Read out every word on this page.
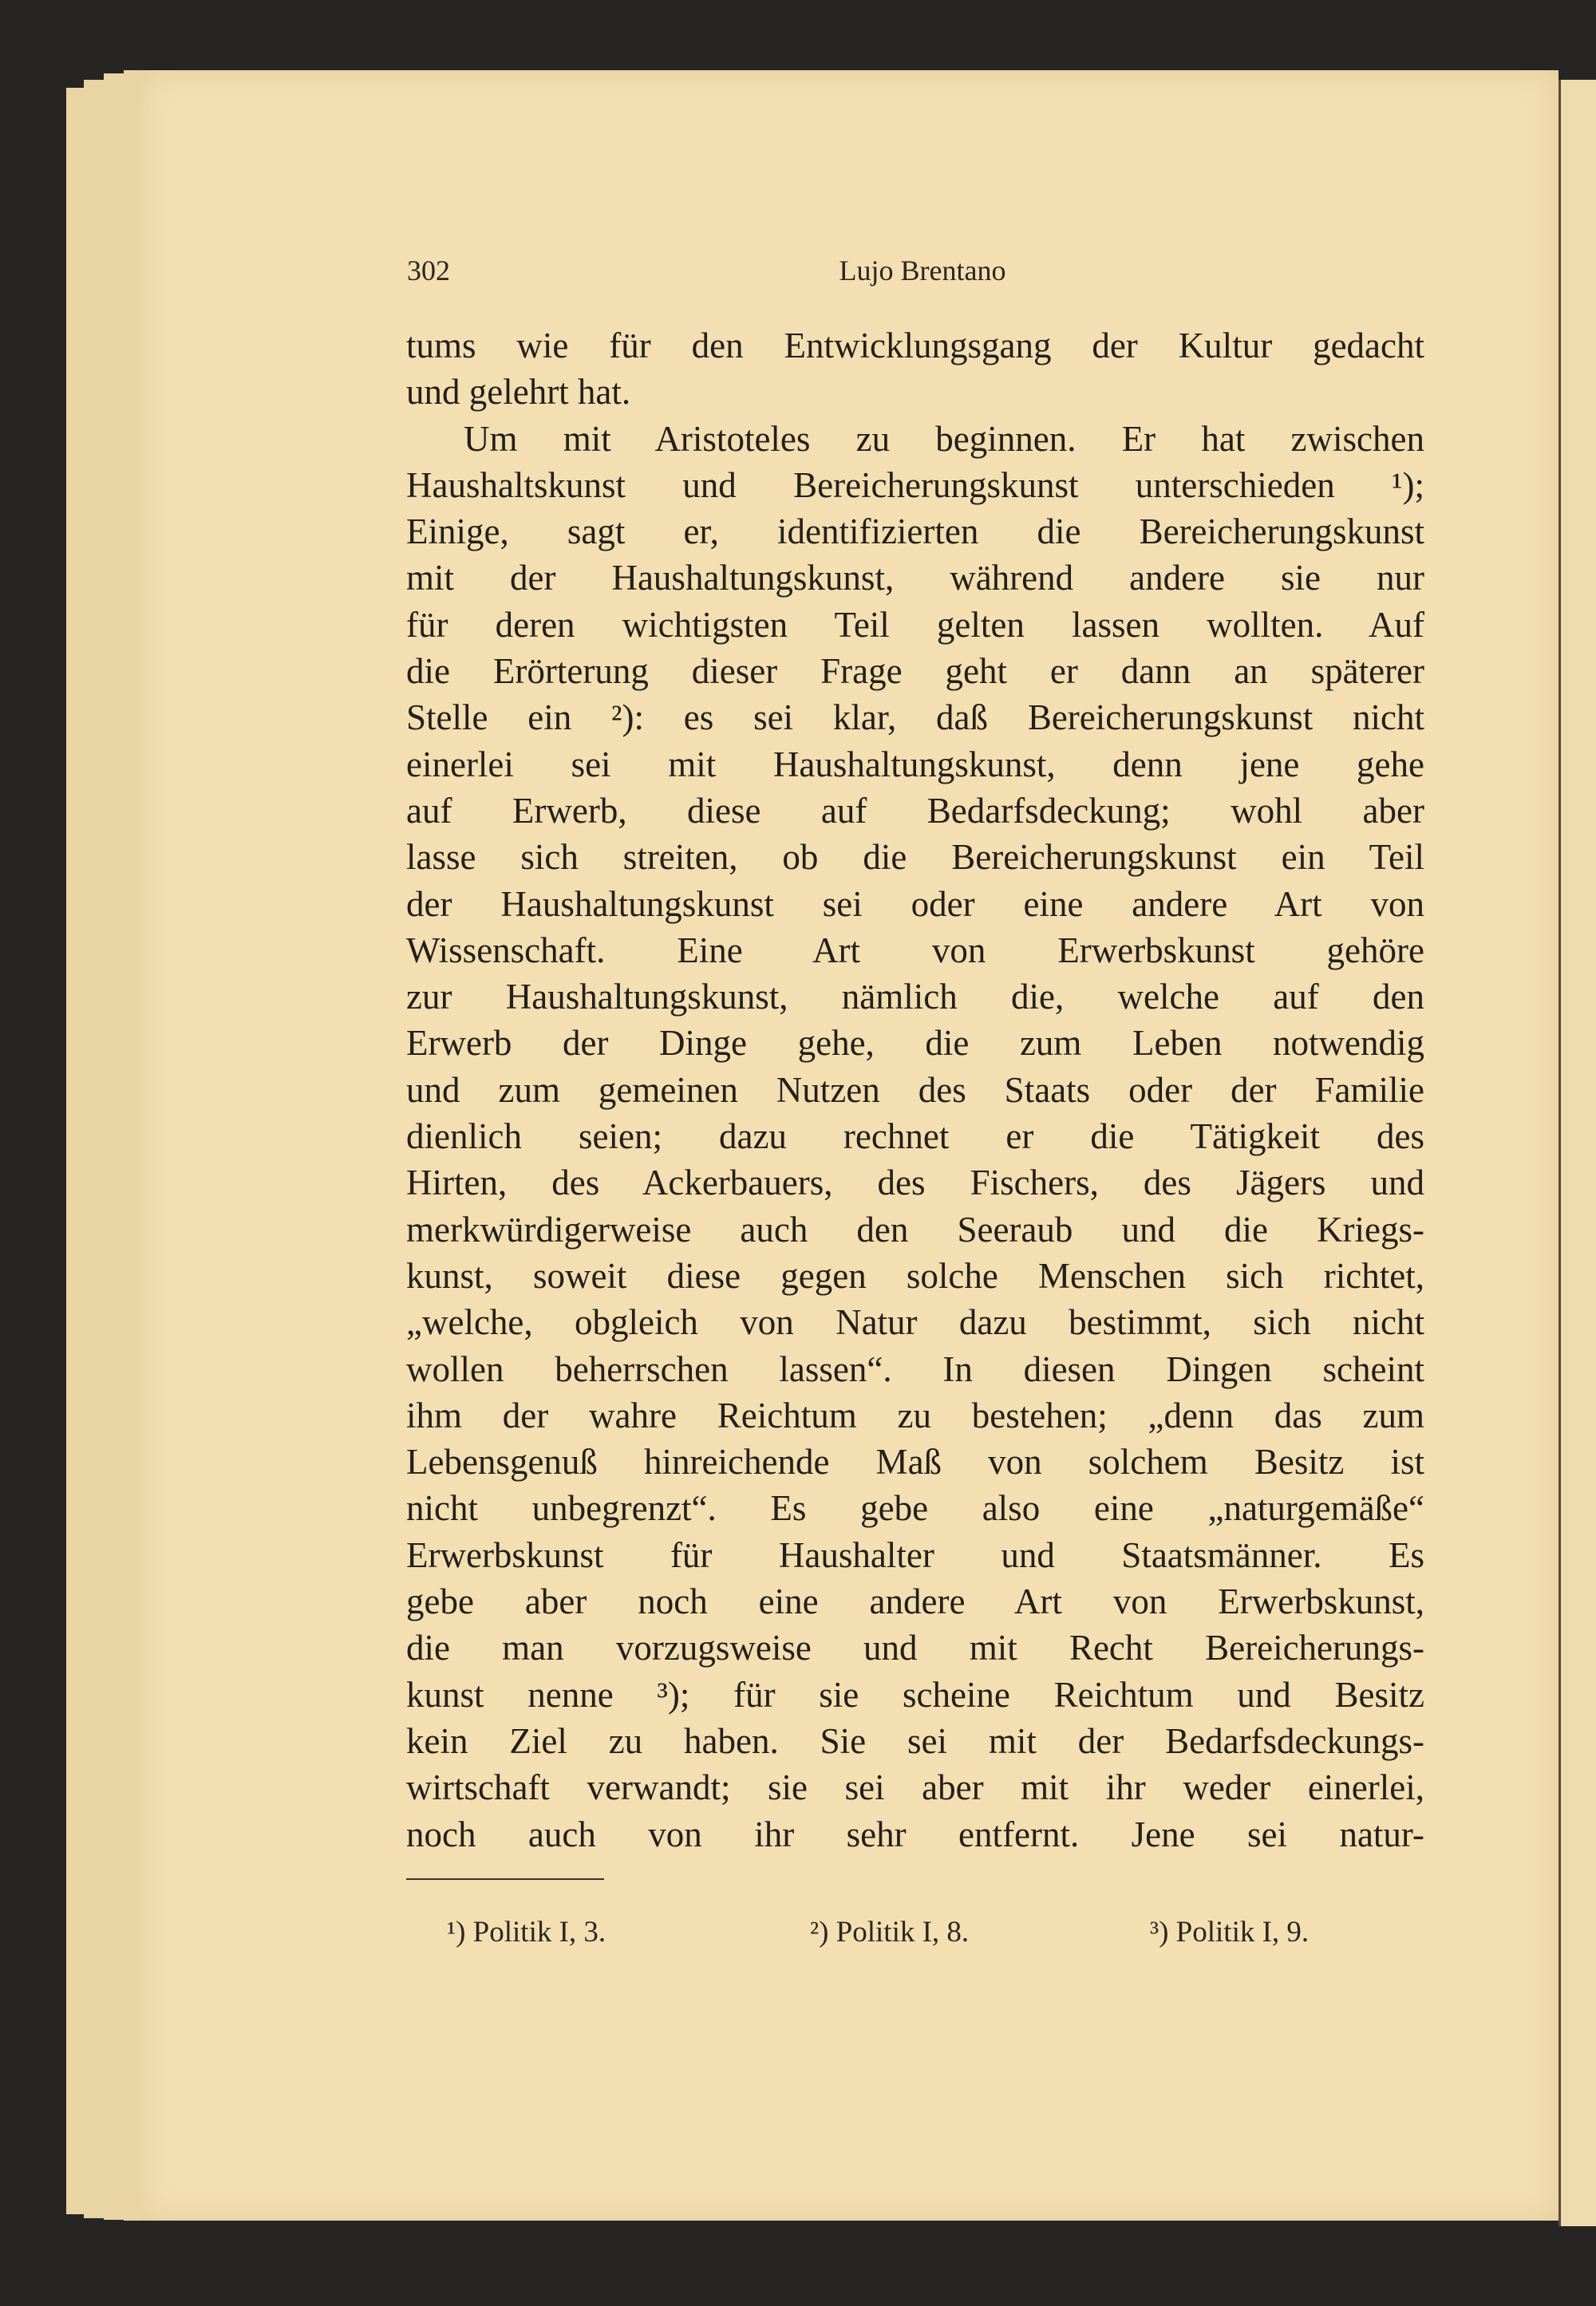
302	Lujo Brentano
tums wie für den Entwicklungsgang der Kultur gedacht
und gelehrt hat.
Um mit Aristoteles zu beginnen. Er hat zwischen
Haushaltskunst und Bereicherungskunst unterschieden ¹);
Einige, sagt er, identifizierten die Bereicherungskunst
mit der Haushaltungskunst, während andere sie nur
für deren wichtigsten Teil gelten lassen wollten. Auf
die Erörterung dieser Frage geht er dann an späterer
Stelle ein ²): es sei klar, daß Bereicherungskunst nicht
einerlei sei mit Haushaltungskunst, denn jene gehe
auf Erwerb, diese auf Bedarfsdeckung; wohl aber
lasse sich streiten, ob die Bereicherungskunst ein Teil
der Haushaltungskunst sei oder eine andere Art von
Wissenschaft. Eine Art von Erwerbskunst gehöre
zur Haushaltungskunst, nämlich die, welche auf den
Erwerb der Dinge gehe, die zum Leben notwendig
und zum gemeinen Nutzen des Staats oder der Familie
dienlich seien; dazu rechnet er die Tätigkeit des
Hirten, des Ackerbauers, des Fischers, des Jägers und
merkwürdigerweise auch den Seeraub und die Kriegs-
kunst, soweit diese gegen solche Menschen sich richtet,
„welche, obgleich von Natur dazu bestimmt, sich nicht
wollen beherrschen lassen“. In diesen Dingen scheint
ihm der wahre Reichtum zu bestehen; „denn das zum
Lebensgenuß hinreichende Maß von solchem Besitz ist
nicht unbegrenzt“. Es gebe also eine „naturgemäße“
Erwerbskunst für Haushalter und Staatsmänner. Es
gebe aber noch eine andere Art von Erwerbskunst,
die man vorzugsweise und mit Recht Bereicherungs-
kunst nenne ³); für sie scheine Reichtum und Besitz
kein Ziel zu haben. Sie sei mit der Bedarfsdeckungs-
wirtschaft verwandt; sie sei aber mit ihr weder einerlei,
noch auch von ihr sehr entfernt. Jene sei natur-
¹) Politik I, 3.	²) Politik I, 8.	³) Politik I, 9.
